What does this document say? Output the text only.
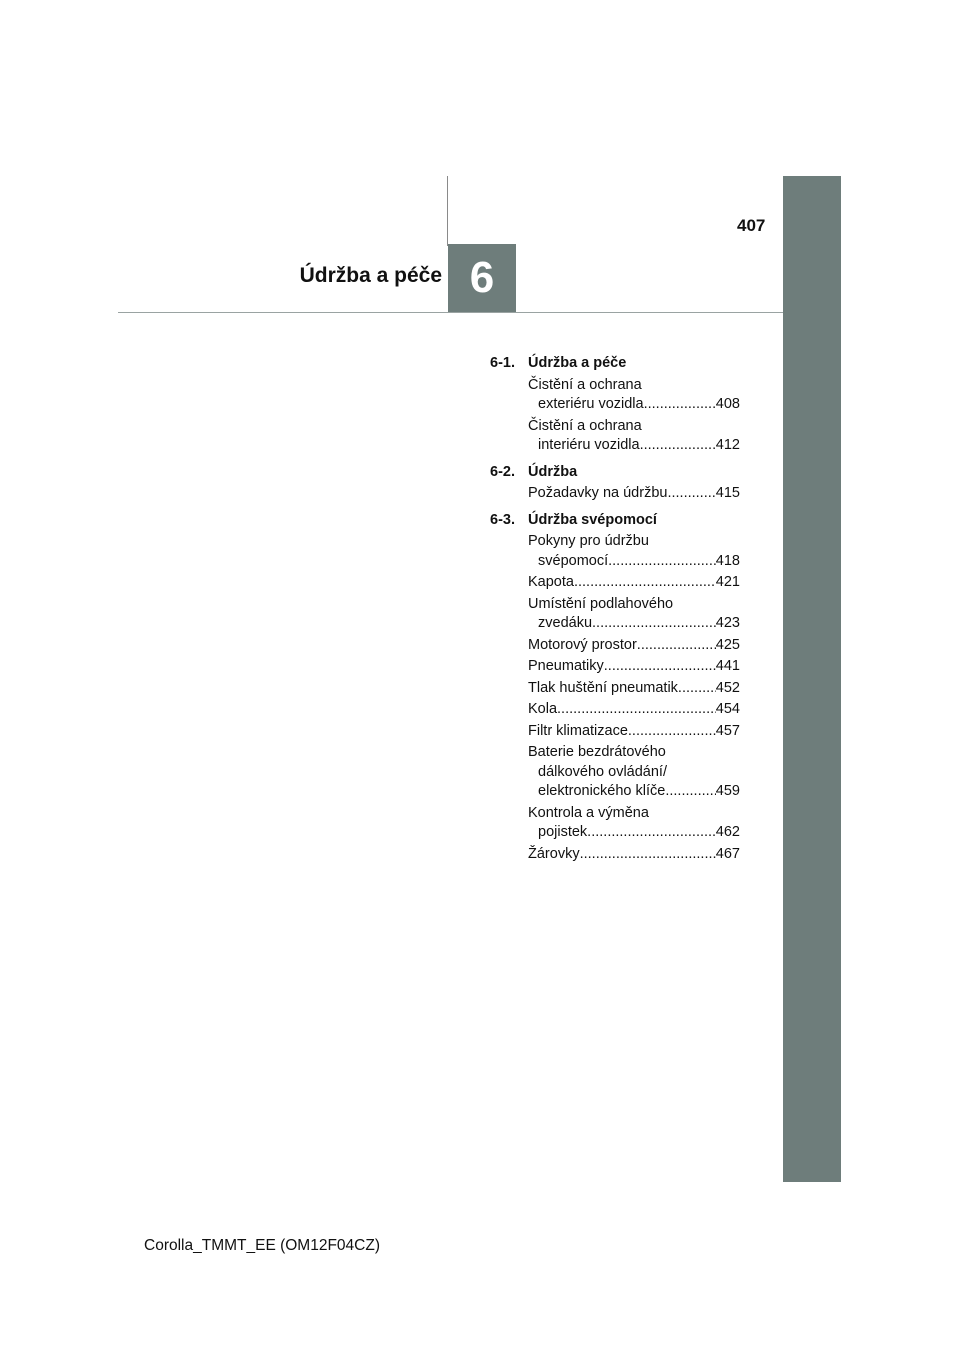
407
6
Údržba a péče
6-1. Údržba a péče
Čistění a ochrana
exteriéru vozidla .....	408
Čistění a ochrana
interiéru vozidla .....	412
6-2. Údržba
Požadavky na údržbu .....	415
6-3. Údržba svépomocí
Pokyny pro údržbu
svépomocí .....	418
Kapota .....	421
Umístění podlahového
zvedáku .....	423
Motorový prostor .....	425
Pneumatiky .....	441
Tlak huštění pneumatik .....	452
Kola .....	454
Filtr klimatizace .....	457
Baterie bezdrátového
dálkového ovládání/
elektronického klíče .....	459
Kontrola a výměna
pojistek .....	462
Žárovky .....	467
Corolla_TMMT_EE (OM12F04CZ)
